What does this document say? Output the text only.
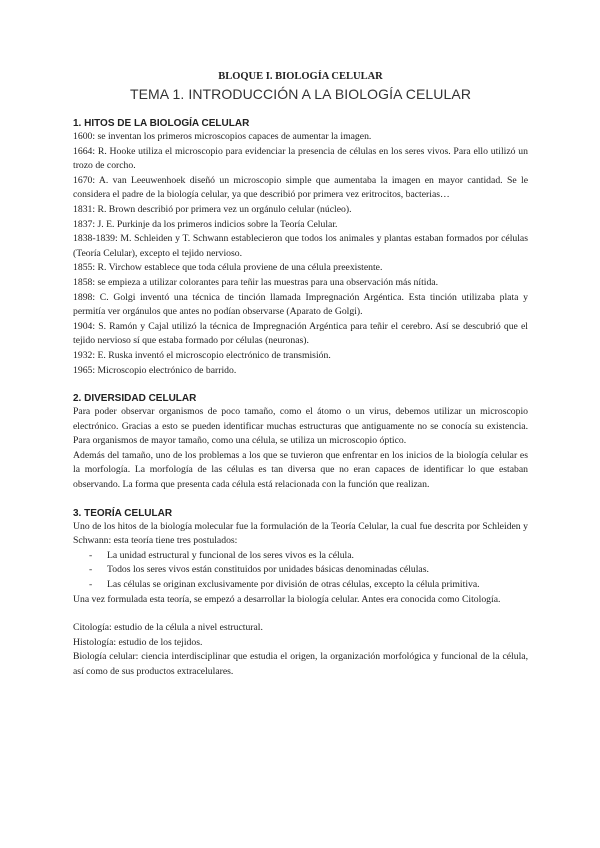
BLOQUE I. BIOLOGÍA CELULAR

TEMA 1. INTRODUCCIÓN A LA BIOLOGÍA CELULAR
1. HITOS DE LA BIOLOGÍA CELULAR

1600: se inventan los primeros microscopios capaces de aumentar la imagen.

1664: R. Hooke utiliza el microscopio para evidenciar la presencia de células en los seres vivos. Para ello utilizó un trozo de corcho.

1670: A. van Leeuwenhoek diseñó un microscopio simple que aumentaba la imagen en mayor cantidad. Se le considera el padre de la biología celular, ya que describió por primera vez eritrocitos, bacterias…

1831: R. Brown describió por primera vez un orgánulo celular (núcleo).

1837: J. E. Purkinje da los primeros indicios sobre la Teoría Celular.

1838-1839: M. Schleiden y T. Schwann establecieron que todos los animales y plantas estaban formados por células (Teoría Celular), excepto el tejido nervioso.

1855: R. Virchow establece que toda célula proviene de una célula preexistente.

1858: se empieza a utilizar colorantes para teñir las muestras para una observación más nítida.

1898: C. Golgi inventó una técnica de tinción llamada Impregnación Argéntica. Esta tinción utilizaba plata y permitía ver orgánulos que antes no podían observarse (Aparato de Golgi).

1904: S. Ramón y Cajal utilizó la técnica de Impregnación Argéntica para teñir el cerebro. Así se descubrió que el tejido nervioso sí que estaba formado por células (neuronas).

1932: E. Ruska inventó el microscopio electrónico de transmisión.

1965: Microscopio electrónico de barrido.

2. DIVERSIDAD CELULAR

Para poder observar organismos de poco tamaño, como el átomo o un virus, debemos utilizar un microscopio electrónico. Gracias a esto se pueden identificar muchas estructuras que antiguamente no se conocía su existencia. Para organismos de mayor tamaño, como una célula, se utiliza un microscopio óptico.

Además del tamaño, uno de los problemas a los que se tuvieron que enfrentar en los inicios de la biología celular es la morfología. La morfología de las células es tan diversa que no eran capaces de identificar lo que estaban observando. La forma que presenta cada célula está relacionada con la función que realizan.

3. TEORÍA CELULAR

Uno de los hitos de la biología molecular fue la formulación de la Teoría Celular, la cual fue descrita por Schleiden y Schwann: esta teoría tiene tres postulados:

- La unidad estructural y funcional de los seres vivos es la célula.
- Todos los seres vivos están constituidos por unidades básicas denominadas células.
- Las células se originan exclusivamente por división de otras células, excepto la célula primitiva.

Una vez formulada esta teoría, se empezó a desarrollar la biología celular. Antes era conocida como Citología.

Citología: estudio de la célula a nivel estructural.

Histología: estudio de los tejidos.

Biología celular: ciencia interdisciplinar que estudia el origen, la organización morfológica y funcional de la célula, así como de sus productos extracelulares.
